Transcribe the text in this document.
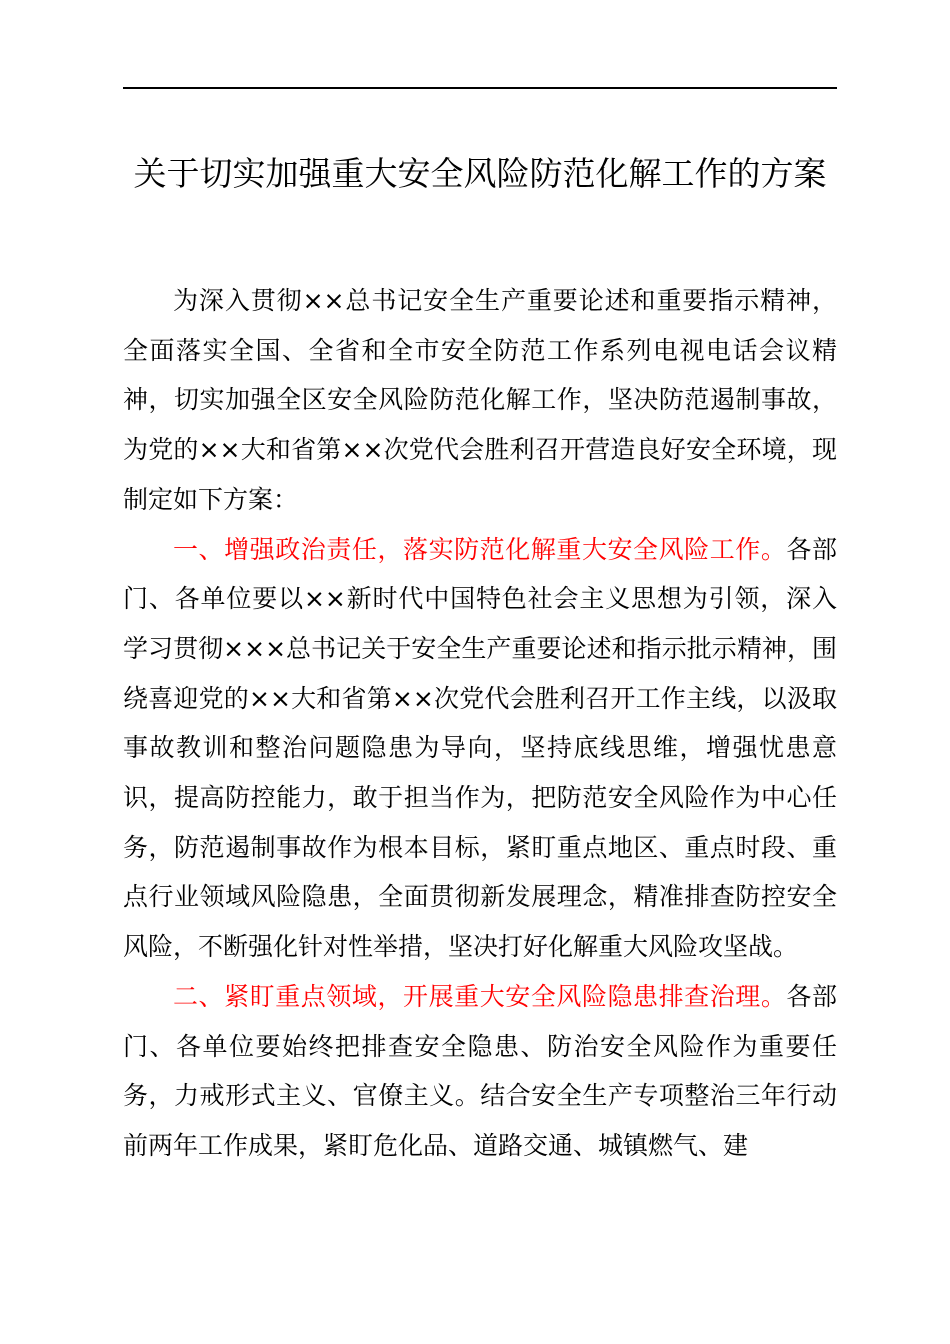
关于切实加强重大安全风险防范化解工作的方案

为深入贯彻××总书记安全生产重要论述和重要指示精神，全面落实全国、全省和全市安全防范工作系列电视电话会议精神，切实加强全区安全风险防范化解工作，坚决防范遏制事故，为党的××大和省第××次党代会胜利召开营造良好安全环境，现制定如下方案：

一、增强政治责任，落实防范化解重大安全风险工作。各部门、各单位要以××新时代中国特色社会主义思想为引领，深入学习贯彻×××总书记关于安全生产重要论述和指示批示精神，围绕喜迎党的××大和省第××次党代会胜利召开工作主线，以汲取事故教训和整治问题隐患为导向，坚持底线思维，增强忧患意识，提高防控能力，敢于担当作为，把防范安全风险作为中心任务，防范遏制事故作为根本目标，紧盯重点地区、重点时段、重点行业领域风险隐患，全面贯彻新发展理念，精准排查防控安全风险，不断强化针对性举措，坚决打好化解重大风险攻坚战。

二、紧盯重点领域，开展重大安全风险隐患排查治理。各部门、各单位要始终把排查安全隐患、防治安全风险作为重要任务，力戒形式主义、官僚主义。结合安全生产专项整治三年行动前两年工作成果，紧盯危化品、道路交通、城镇燃气、建
